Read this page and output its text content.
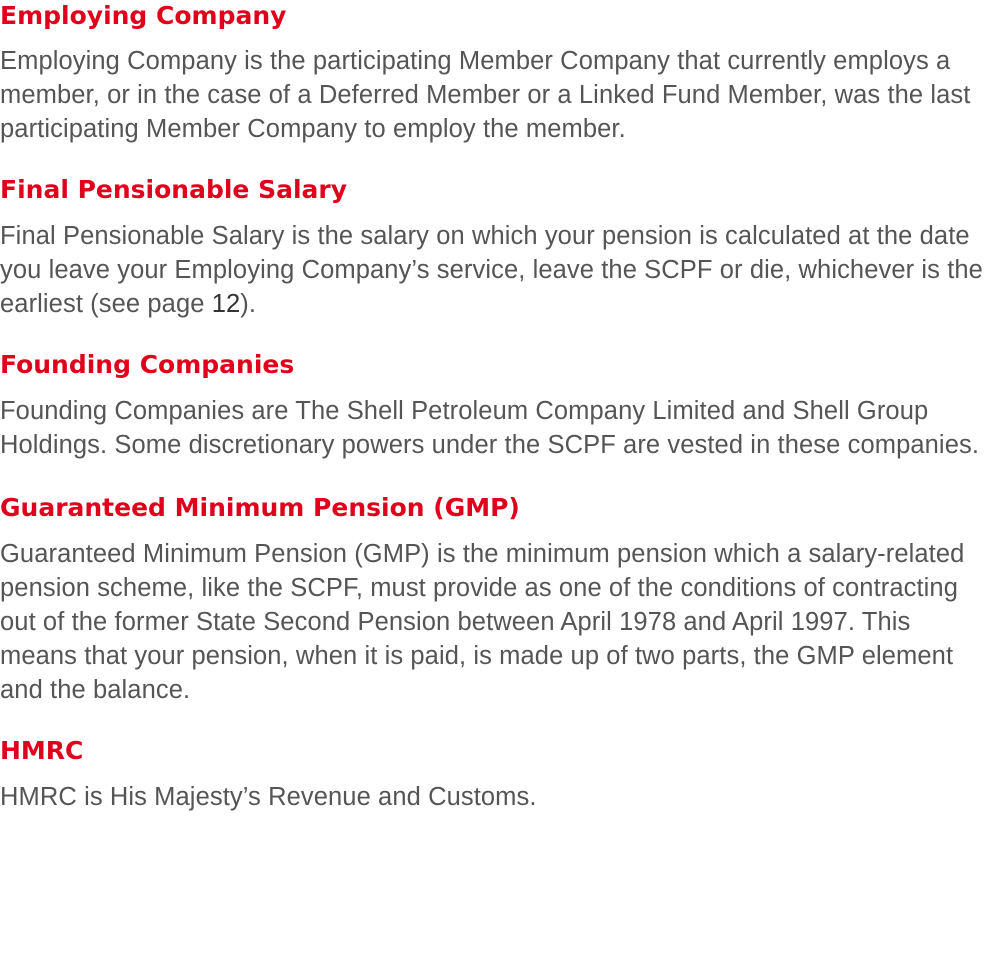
Employing Company

Employing Company is the participating Member Company that currently employs a
member, or in the case of a Deferred Member or a Linked Fund Member, was the last
participating Member Company to employ the member.

Final Pensionable Salary

Final Pensionable Salary is the salary on which your pension is calculated at the date
you leave your Employing Company’s service, leave the SCPF or die, whichever is the
earliest (see page 12).

Founding Companies

Founding Companies are The Shell Petroleum Company Limited and Shell Group
Holdings. Some discretionary powers under the SCPF are vested in these companies.

Guaranteed Minimum Pension (GMP)

Guaranteed Minimum Pension (GMP) is the minimum pension which a salary-related
pension scheme, like the SCPF, must provide as one of the conditions of contracting
out of the former State Second Pension between April 1978 and April 1997. This
means that your pension, when it is paid, is made up of two parts, the GMP element
and the balance.

HMRC

HMRC is His Majesty’s Revenue and Customs.
